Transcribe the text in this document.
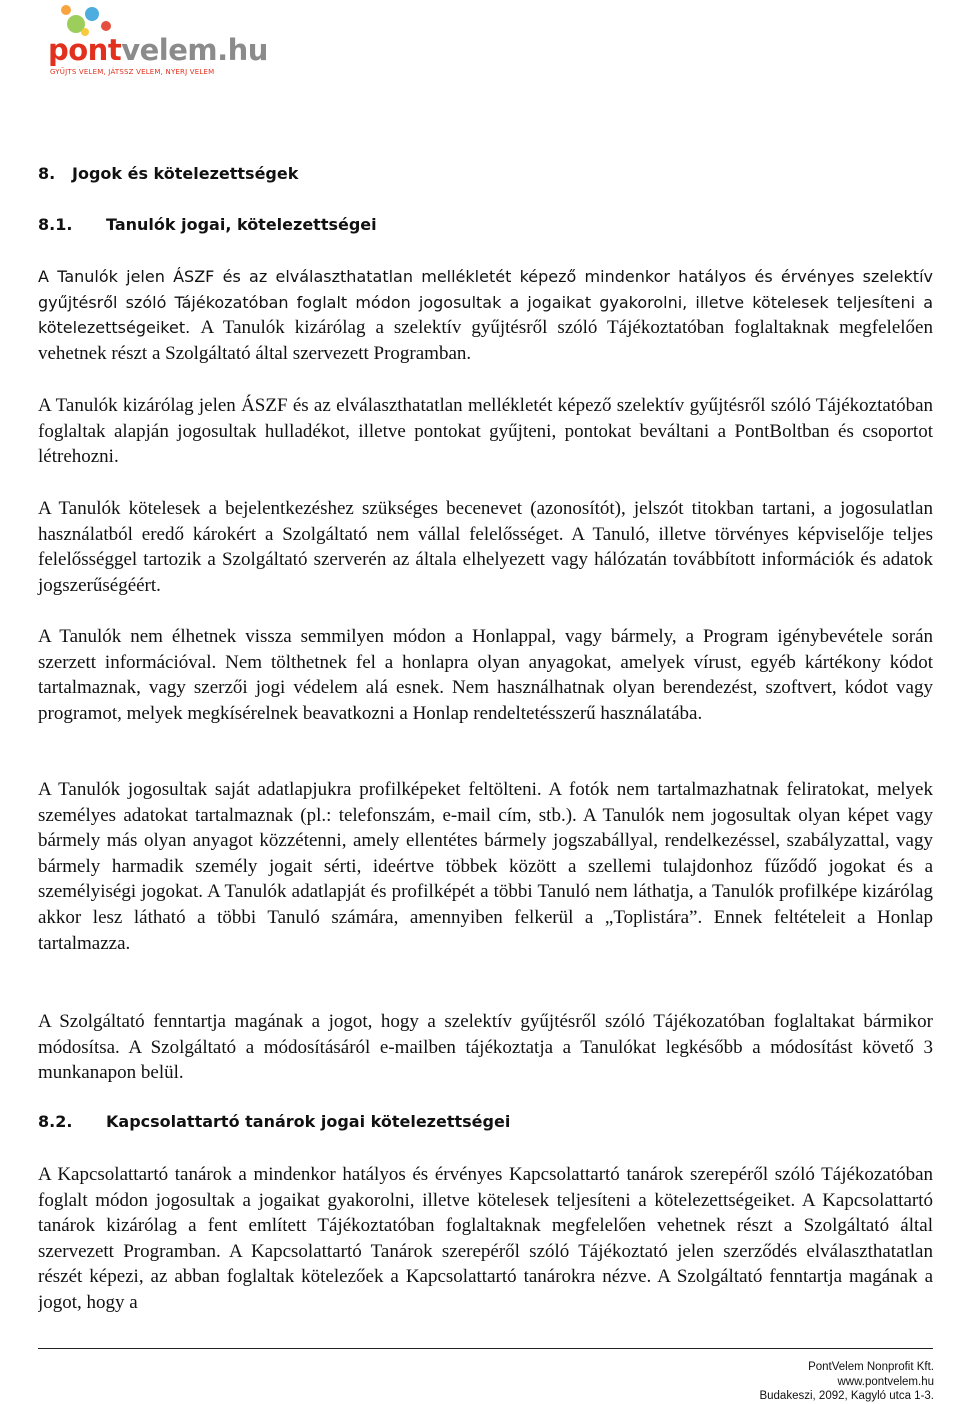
pontvelem.hu
GYŰJTS VELEM, JÁTSSZ VELEM, NYERJ VELEM
8. Jogok és kötelezettségek
8.1. Tanulók jogai, kötelezettségei

A Tanulók jelen ÁSZF és az elválaszthatatlan mellékletét képező mindenkor hatályos és érvényes szelektív gyűjtésről szóló Tájékozatóban foglalt módon jogosultak a jogaikat gyakorolni, illetve kötelesek teljesíteni a kötelezettségeiket. A Tanulók kizárólag a szelektív gyűjtésről szóló Tájékoztatóban foglaltaknak megfelelően vehetnek részt a Szolgáltató által szervezett Programban.

A Tanulók kizárólag jelen ÁSZF és az elválaszthatatlan mellékletét képező szelektív gyűjtésről szóló Tájékoztatóban foglaltak alapján jogosultak hulladékot, illetve pontokat gyűjteni, pontokat beváltani a PontBoltban és csoportot létrehozni.

A Tanulók kötelesek a bejelentkezéshez szükséges becenevet (azonosítót), jelszót titokban tartani, a jogosulatlan használatból eredő károkért a Szolgáltató nem vállal felelősséget. A Tanuló, illetve törvényes képviselője teljes felelősséggel tartozik a Szolgáltató szerverén az általa elhelyezett vagy hálózatán továbbított információk és adatok jogszerűségéért.

A Tanulók nem élhetnek vissza semmilyen módon a Honlappal, vagy bármely, a Program igénybevétele során szerzett információval. Nem tölthetnek fel a honlapra olyan anyagokat, amelyek vírust, egyéb kártékony kódot tartalmaznak, vagy szerzői jogi védelem alá esnek. Nem használhatnak olyan berendezést, szoftvert, kódot vagy programot, melyek megkísérelnek beavatkozni a Honlap rendeltetésszerű használatába.

A Tanulók jogosultak saját adatlapjukra profilképeket feltölteni. A fotók nem tartalmazhatnak feliratokat, melyek személyes adatokat tartalmaznak (pl.: telefonszám, e-mail cím, stb.). A Tanulók nem jogosultak olyan képet vagy bármely más olyan anyagot közzétenni, amely ellentétes bármely jogszabállyal, rendelkezéssel, szabályzattal, vagy bármely harmadik személy jogait sérti, ideértve többek között a szellemi tulajdonhoz fűződő jogokat és a személyiségi jogokat. A Tanulók adatlapját és profilképét a többi Tanuló nem láthatja, a Tanulók profilképe kizárólag akkor lesz látható a többi Tanuló számára, amennyiben felkerül a „Toplistára”. Ennek feltételeit a Honlap tartalmazza.

A Szolgáltató fenntartja magának a jogot, hogy a szelektív gyűjtésről szóló Tájékozatóban foglaltakat bármikor módosítsa. A Szolgáltató a módosításáról e-mailben tájékoztatja a Tanulókat legkésőbb a módosítást követő 3 munkanapon belül.

8.2. Kapcsolattartó tanárok jogai kötelezettségei

A Kapcsolattartó tanárok a mindenkor hatályos és érvényes Kapcsolattartó tanárok szerepéről szóló Tájékozatóban foglalt módon jogosultak a jogaikat gyakorolni, illetve kötelesek teljesíteni a kötelezettségeiket. A Kapcsolattartó tanárok kizárólag a fent említett Tájékoztatóban foglaltaknak megfelelően vehetnek részt a Szolgáltató által szervezett Programban. A Kapcsolattartó Tanárok szerepéről szóló Tájékoztató jelen szerződés elválaszthatatlan részét képezi, az abban foglaltak kötelezőek a Kapcsolattartó tanárokra nézve. A Szolgáltató fenntartja magának a jogot, hogy a

PontVelem Nonprofit Kft.
www.pontvelem.hu
Budakeszi, 2092, Kagyló utca 1-3.
